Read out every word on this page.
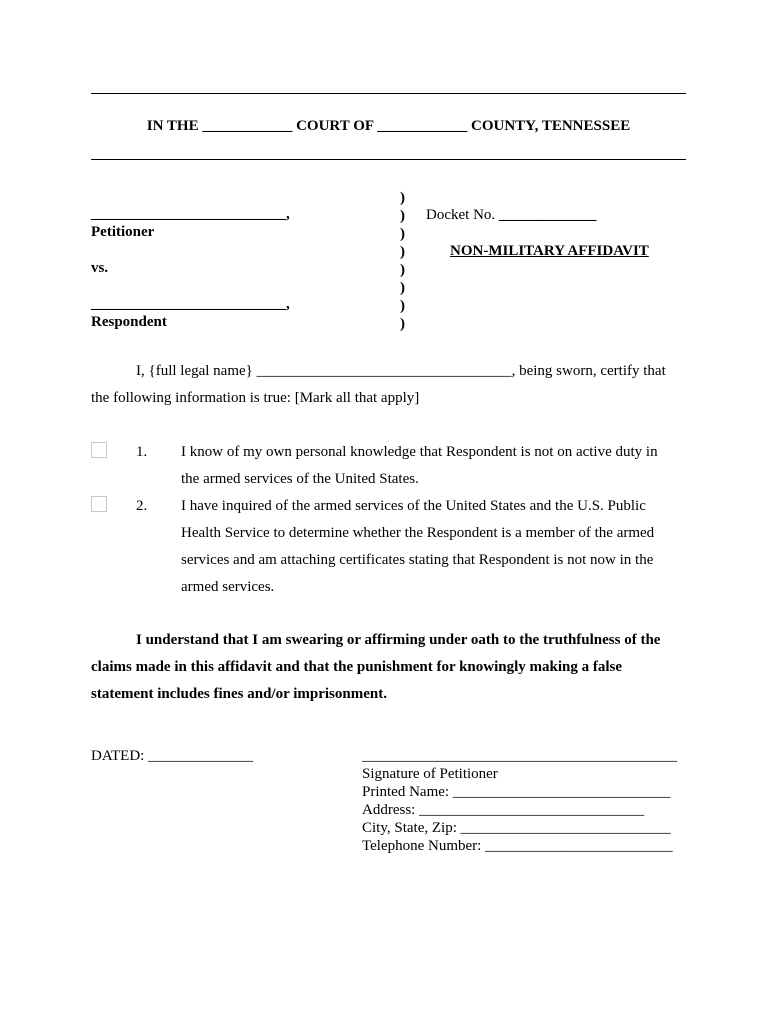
IN THE ____________ COURT OF ____________ COUNTY, TENNESSEE
__________________________,
Petitioner
vs.
__________________________,
Respondent
)
)
)
)
)
)
)
)
Docket No. _____________
NON-MILITARY AFFIDAVIT
I, {full legal name} __________________________________, being sworn, certify that
the following information is true: [Mark all that apply]
1. I know of my own personal knowledge that Respondent is not on active duty in
the armed services of the United States.
2. I have inquired of the armed services of the United States and the U.S. Public
Health Service to determine whether the Respondent is a member of the armed
services and am attaching certificates stating that Respondent is not now in the
armed services.
I understand that I am swearing or affirming under oath to the truthfulness of the
claims made in this affidavit and that the punishment for knowingly making a false
statement includes fines and/or imprisonment.
DATED: ______________	__________________________________________
Signature of Petitioner
Printed Name: _____________________________
Address: ______________________________
City, State, Zip: ____________________________
Telephone Number: _________________________
